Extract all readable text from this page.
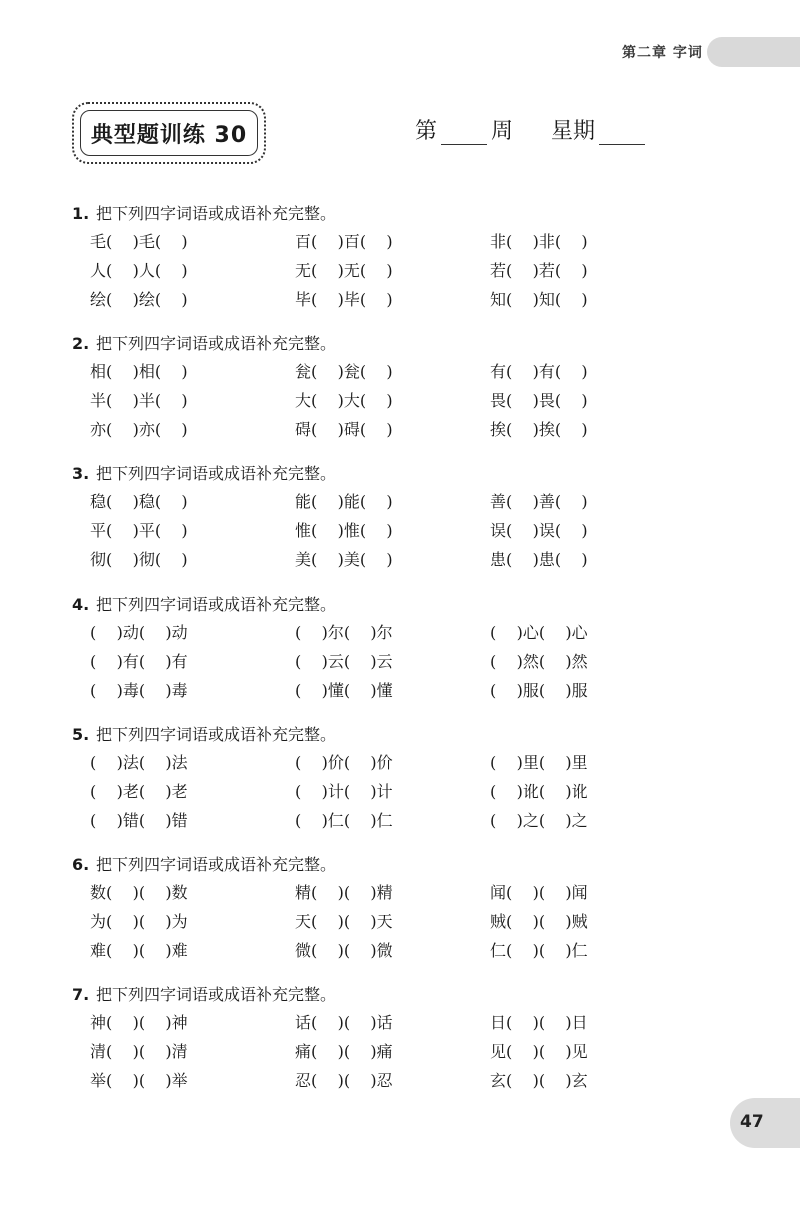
第二章 字词
典型题训练 30	第 周 星期
1. 把下列四字词语或成语补充完整。
毛(    )毛(    )	百(    )百(    )	非(    )非(    )
人(    )人(    )	无(    )无(    )	若(    )若(    )
绘(    )绘(    )	毕(    )毕(    )	知(    )知(    )
2. 把下列四字词语或成语补充完整。
相(    )相(    )	瓮(    )瓮(    )	有(    )有(    )
半(    )半(    )	大(    )大(    )	畏(    )畏(    )
亦(    )亦(    )	碍(    )碍(    )	挨(    )挨(    )
3. 把下列四字词语或成语补充完整。
稳(    )稳(    )	能(    )能(    )	善(    )善(    )
平(    )平(    )	惟(    )惟(    )	误(    )误(    )
彻(    )彻(    )	美(    )美(    )	患(    )患(    )
4. 把下列四字词语或成语补充完整。
(    )动(    )动	(    )尔(    )尔	(    )心(    )心
(    )有(    )有	(    )云(    )云	(    )然(    )然
(    )毒(    )毒	(    )懂(    )懂	(    )服(    )服
5. 把下列四字词语或成语补充完整。
(    )法(    )法	(    )价(    )价	(    )里(    )里
(    )老(    )老	(    )计(    )计	(    )讹(    )讹
(    )错(    )错	(    )仁(    )仁	(    )之(    )之
6. 把下列四字词语或成语补充完整。
数(    )(    )数	精(    )(    )精	闻(    )(    )闻
为(    )(    )为	天(    )(    )天	贼(    )(    )贼
难(    )(    )难	微(    )(    )微	仁(    )(    )仁
7. 把下列四字词语或成语补充完整。
神(    )(    )神	话(    )(    )话	日(    )(    )日
清(    )(    )清	痛(    )(    )痛	见(    )(    )见
举(    )(    )举	忍(    )(    )忍	玄(    )(    )玄
47
